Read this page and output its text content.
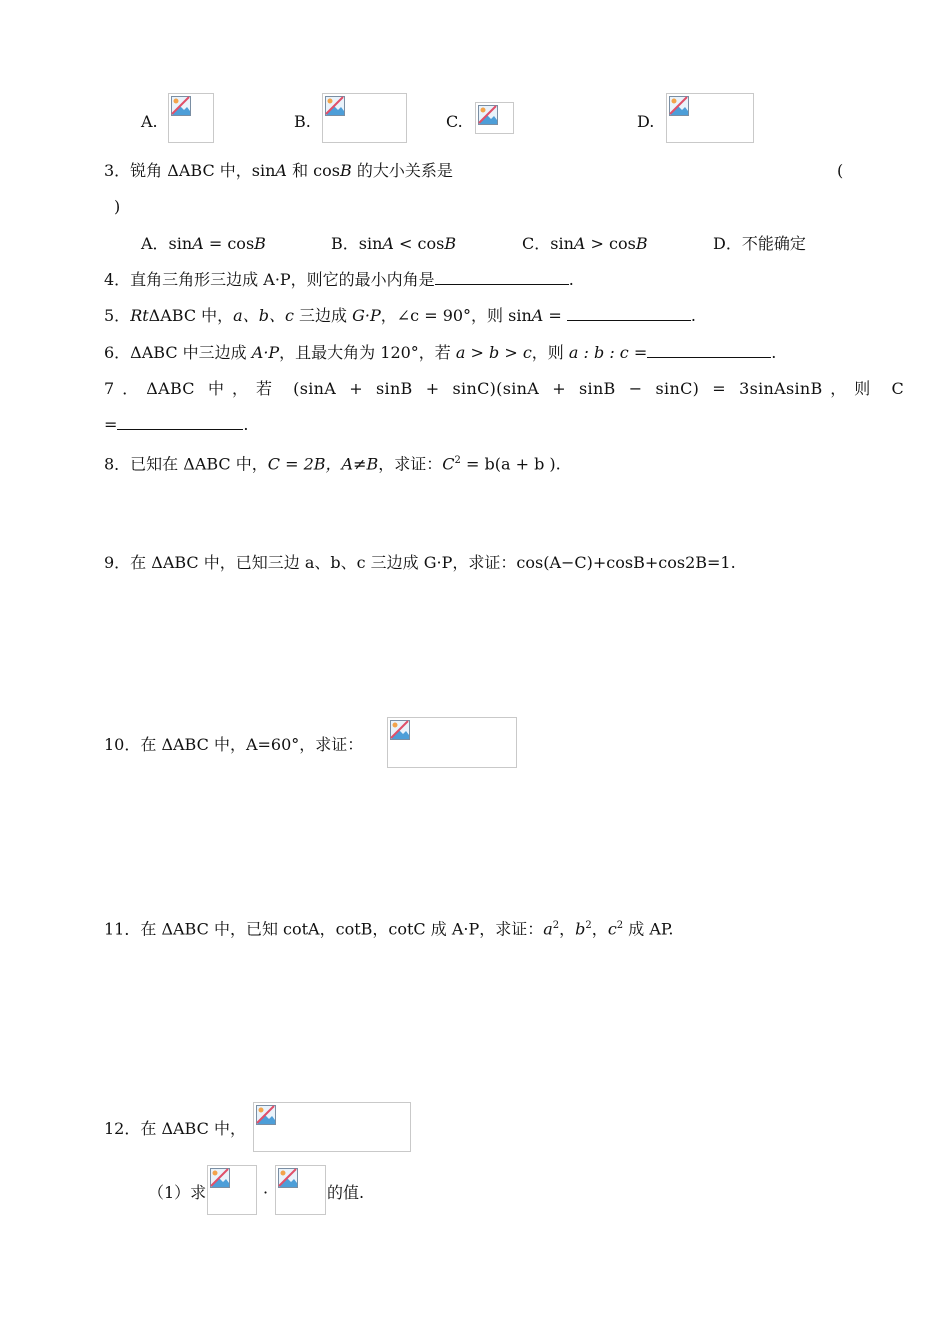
A.	B.	C.	D.
3．锐角 ΔABC 中，sinA 和 cosB 的大小关系是	(
)
A．sinA = cosB	B．sinA < cosB	C．sinA > cosB	D．不能确定
4．直角三角形三边成 A·P，则它的最小内角是	.
5．RtΔABC 中，a、b、c 三边成 G·P，∠c = 90°，则 sinA =	.
6．ΔABC 中三边成 A·P，且最大角为 120°，若 a > b > c，则 a : b : c =	.
7．ΔABC 中，若 (sinA + sinB + sinC)(sinA + sinB − sinC) = 3sinAsinB，则 C
=	.
8．已知在 ΔABC 中，C = 2B，A≠B，求证：$C^2 = b(a + b$ ).
9．在 ΔABC 中，已知三边 a、b、c 三边成 G·P，求证：cos(A−C)+cosB+cos2B=1.
10．在 ΔABC 中，A=60°，求证：
11．在 ΔABC 中，已知 cotA，cotB，cotC 成 A·P，求证：$a^2$，$b^2$，$c^2$ 成 AP.
12．在 ΔABC 中，
（1）求	·	的值.
